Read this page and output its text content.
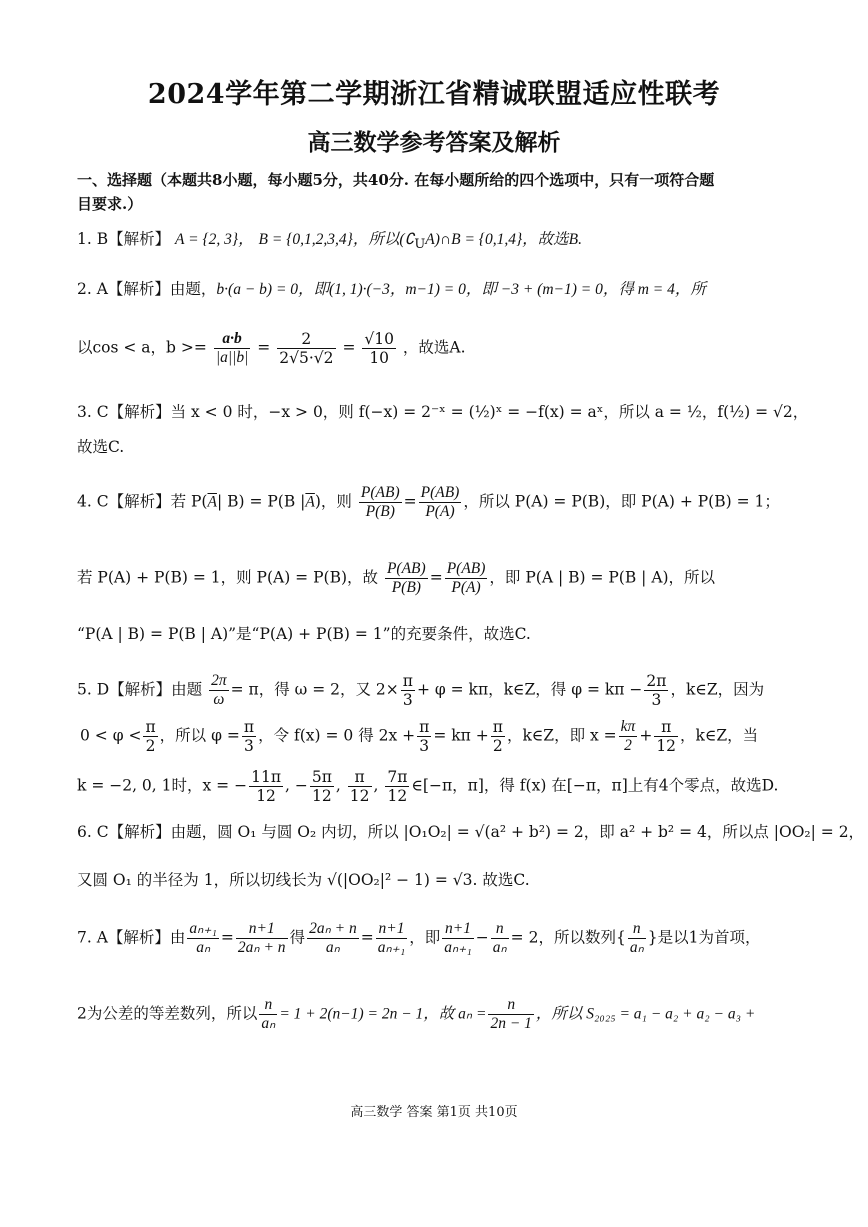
2024学年第二学期浙江省精诚联盟适应性联考
高三数学参考答案及解析
一、选择题（本题共8小题，每小题5分，共40分. 在每小题所给的四个选项中，只有一项符合题
目要求.）
1. B【解析】 A = {2, 3}， B = {0,1,2,3,4}，所以$(∁_UA)\cap B = \{0,1,4\}$，故选B.
2. A【解析】由题，b·(a − b) = 0，即(1, 1)·(−3，m−1) = 0，即 −3 + (m−1) = 0，得 m = 4，所
以cos < a，$b >= \frac{a\cdot b}{|a||b|} = \frac{2}{2√5\cdot√2} = \frac{√10}{10}$ ，故选A.
3. C【解析】当 x < 0 时，−x > 0，则 f(−x) = 2⁻ˣ = (½)ˣ = −f(x) = aˣ，所以 a = ½，f(½) = √2，
故选C.
4. C【解析】若 $P(\overline{A}|$ B) = P(B $|\overline{A}$)，则 $\frac{P(AB)}{P(B)} = \frac{P(AB)}{P(A)}$ ，所以 P(A) = P(B)，即 P(A) + P(B) = 1；
若 P(A) + P(B) = 1，则 P(A) = P(B)，故 $\frac{P(AB)}{P(B)} = \frac{P(AB)}{P(A)}$ ，即 P(A | B) = P(B | A)，所以
“P(A | B) = P(B | A)”是“P(A) + P(B) = 1”的充要条件，故选C.
5. D【解析】由题 $\frac{2\pi}{\omega} = \pi$，得 ω = 2，又 $2\times \frac{\pi}{3} + \varphi = k\pi$，k∈Z，得 $\varphi = k\pi - \frac{2\pi}{3}$ ，k∈Z，因为
$0 < \varphi < \frac{\pi}{2}$ ，所以 $\varphi = \frac{\pi}{3}$ ，令 f(x) = 0 得 $2x + \frac{\pi}{3} = k\pi + \frac{\pi}{2}$ ，k∈Z，即 $x = \frac{k\pi}{2} + \frac{\pi}{12}$ ，k∈Z，当
k = −2, 0, 1时，x = − $\frac{11\pi}{12}$ , − $\frac{5\pi}{12}$ , $\frac{\pi}{12}$ , $\frac{7\pi}{12}$ ∈[−π，π]，得 f(x) 在[−π，π]上有4个零点，故选D.
6. C【解析】由题，圆 O₁ 与圆 O₂ 内切，所以 |O₁O₂| = √(a² + b²) = 2，即 a² + b² = 4，所以点 |OO₂| = 2，
又圆 O₁ 的半径为 1，所以切线长为 √(|OO₂|² − 1) = √3. 故选C.
7. A【解析】由 $\frac{\text{aₙ₊₁}}{\text{aₙ}} = \frac{n+1}{\text{2aₙ + n}}$ 得 $\frac{\text{2aₙ + n}}{\text{aₙ}} = \frac{n+1}{\text{aₙ₊₁}}$ ，即 $\frac{n+1}{\text{aₙ₊₁}} - \frac{n}{\text{aₙ}} = 2$，所以数列{ $\frac{n}{\text{aₙ}}$ }是以1为首项，
2为公差的等差数列，所以 $\frac{n}{\text{aₙ}} = 1 + 2(n-1) = 2n - 1$，故 $a_n = \frac{n}{2n - 1}$ ，所以 S₂₀₂₅ = a₁ − a₂ + a₂ − a₃ +
高三数学 答案 第1页 共10页
